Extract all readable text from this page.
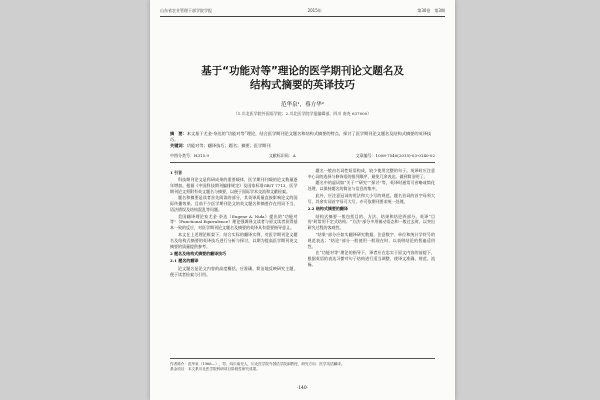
山东省农业管理干部学院学报	2015年	第30卷　第3期
基于“功能对等”理论的医学期刊论文题名及
结构式摘要的英译技巧
范华泉¹，蔡方华²
（1.川北医学院外国语学院；2.川北医学院学报编辑部，四川 南充 637000）
摘　要：本文基于尤金·奈达的“功能对等”理论，结合医学期刊论文题名和结构式摘要的特点，探讨了医学期刊论文题名及结构式摘要的英译技巧。
关键词：功能对等；翻译技巧；题名；摘要；医学期刊
中图分类号：H315.9	文献标识码：A	文章编号：1008-7540(2015)-03-0140-02

1 引言

科技期刊论文是科研成果的重要载体，医学期刊刊载的论文数量逐年增加。根据《中国科技期刊编排规定》及国家标准GB/T 7713，医学期刊论文须附有英文题名与摘要，以便于国际学术交流和文献检索。

题名和摘要是读者首先阅读的部分，其英译质量直接影响论文的国际传播效果。目前不少医学期刊论文的英文题名和摘要存在用词不当、语法错误及结构混乱等问题。

美国翻译理论家尤金·奈达（Eugene A. Nida）提出的“功能对等”（Functional Equivalence）理论强调译文读者与原文读者获得基本一致的反应，对医学期刊论文题名及摘要的英译具有重要指导意义。

本文在上述理论框架下，结合实际的翻译实例，对医学期刊论文题名及结构式摘要的英译技巧进行分析与探讨，以期为提高医学期刊英文摘要的质量提供参考。

2 题名及结构式摘要的翻译技巧

2.1 题名的翻译

论文题名是论文内容的高度概括，应准确、简洁地反映研究主题，便于读者检索与引用。

题名一般由名词性短语构成，较少使用完整的句子。英译时应注意中心词的选择与修饰语的排列顺序，避免冗余表达，做到简洁明了。

题名中的虚词如“关于”“研究”“探讨”等，英译时通常可省略或简化处理，以保持题名的简洁与信息的集中。

此外，应注意冠词的用法和大小写的规范。题名首词的首字母须大写，其余实词首字母可大写，亦可依期刊要求统一处理。

2.2 结构式摘要的翻译

结构式摘要一般包括目的、方法、结果和结论四部分。英译“目的”时常用不定式结构；“方法”部分多用被动语态和一般过去时，以突出研究过程的客观性。

“结果”部分应如实翻译研究数据，注意数字、单位和统计学符号的规范表达；“结论”部分一般使用一般现在时，以表明结论的普遍适用性。

在“功能对等”理论的指导下，译者应在忠实于原文内容的前提下，根据英语的表达习惯对句子结构进行适当调整，使译文准确、规范、流畅。

作者简介：范华泉（1966—），男，四川南充人，川北医学院外国语学院副教授，研究方向：医学英语翻译。
基金项目：本文系川北医学院科研项目阶段性研究成果。
·140·
